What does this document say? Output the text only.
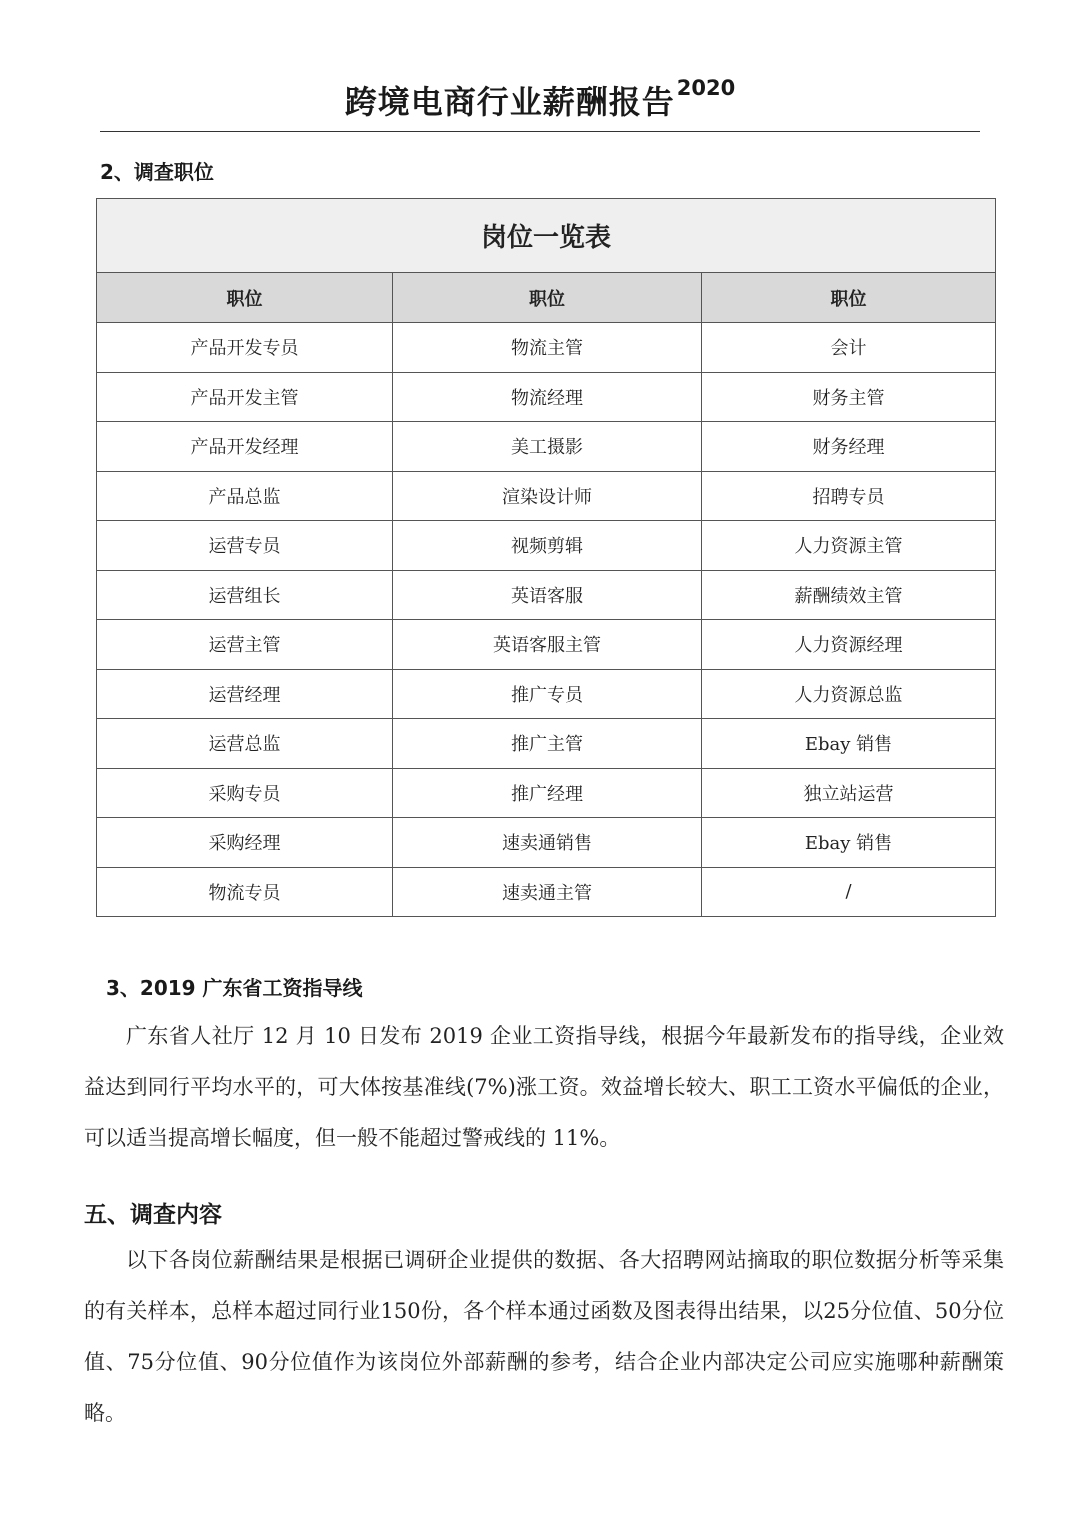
跨境电商行业薪酬报告2020
2、调查职位
岗位一览表		
职位	职位	职位
产品开发专员	物流主管	会计
产品开发主管	物流经理	财务主管
产品开发经理	美工摄影	财务经理
产品总监	渲染设计师	招聘专员
运营专员	视频剪辑	人力资源主管
运营组长	英语客服	薪酬绩效主管
运营主管	英语客服主管	人力资源经理
运营经理	推广专员	人力资源总监
运营总监	推广主管	Ebay 销售
采购专员	推广经理	独立站运营
采购经理	速卖通销售	Ebay 销售
物流专员	速卖通主管	/
3、2019 广东省工资指导线

广东省人社厅 12 月 10 日发布 2019 企业工资指导线，根据今年最新发布的指导线，企业效益达到同行平均水平的，可大体按基准线(7%)涨工资。效益增长较大、职工工资水平偏低的企业，可以适当提高增长幅度，但一般不能超过警戒线的 11%。

五、调查内容

以下各岗位薪酬结果是根据已调研企业提供的数据、各大招聘网站摘取的职位数据分析等采集的有关样本，总样本超过同行业150份，各个样本通过函数及图表得出结果，以25分位值、50分位值、75分位值、90分位值作为该岗位外部薪酬的参考，结合企业内部决定公司应实施哪种薪酬策略。
